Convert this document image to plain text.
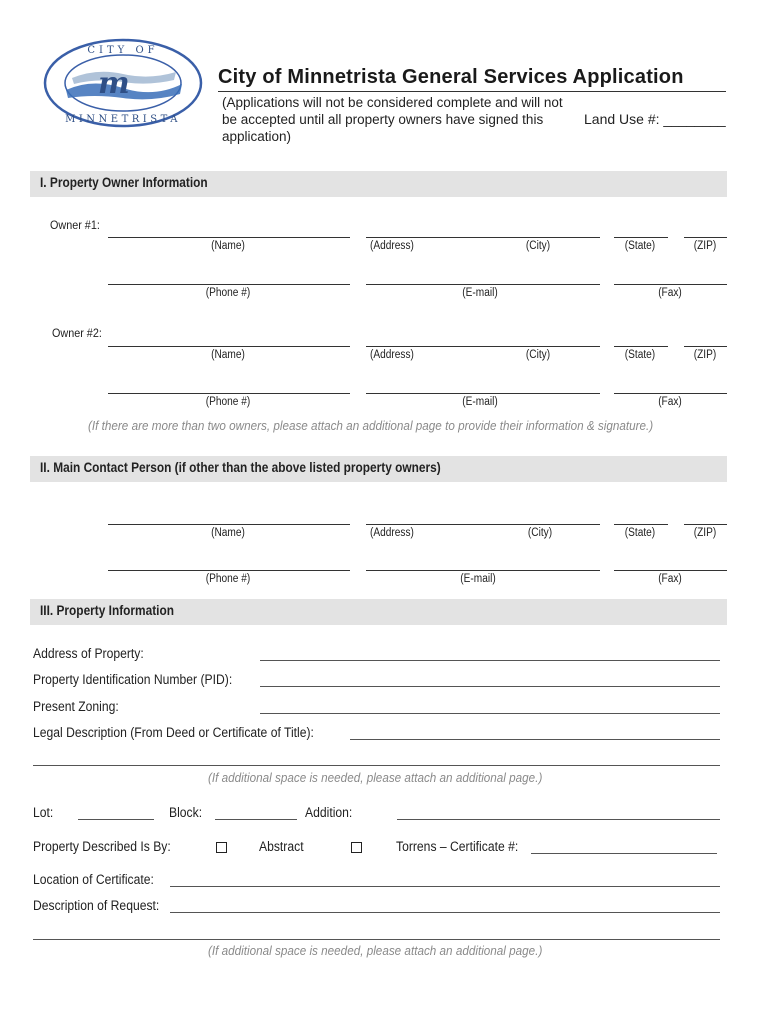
m
CITY OF
MINNETRISTA
City of Minnetrista General Services Application
(Applications will not be considered complete and will not be accepted until all property owners have signed this application)
Land Use #: ________
I. Property Owner Information
Owner #1:
(Name)	(Address)	(City)	(State)	(ZIP)
(Phone #)	(E-mail)	(Fax)
Owner #2:
(Name)	(Address)	(City)	(State)	(ZIP)
(Phone #)	(E-mail)	(Fax)
(If there are more than two owners, please attach an additional page to provide their information & signature.)
II. Main Contact Person (if other than the above listed property owners)
(Name)	(Address)	(City)	(State)	(ZIP)
(Phone #)	(E-mail)	(Fax)
III. Property Information
Address of Property:
Property Identification Number (PID):
Present Zoning:
Legal Description (From Deed or Certificate of Title):
(If additional space is needed, please attach an additional page.)
Lot:	Block:	Addition:
Property Described Is By:	Abstract	Torrens – Certificate #:
Location of Certificate:
Description of Request:
(If additional space is needed, please attach an additional page.)
